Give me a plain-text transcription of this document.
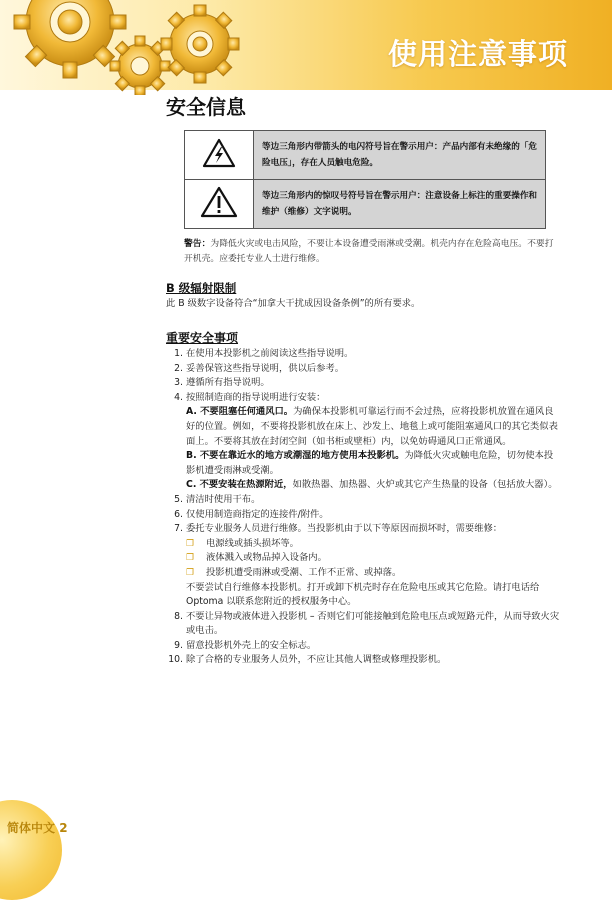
使用注意事项
安全信息
	等边三角形内带箭头的电闪符号旨在警示用户：产品内部有未绝缘的「危险电压」，存在人员触电危险。
	等边三角形内的惊叹号符号旨在警示用户：注意设备上标注的重要操作和维护（维修）文字说明。
警告：为降低火灾或电击风险，不要让本设备遭受雨淋或受潮。机壳内存在危险高电压。不要打开机壳。应委托专业人士进行维修。
B 级辐射限制

此 B 级数字设备符合“加拿大干扰成因设备条例”的所有要求。

重要安全事项
1. 在使用本投影机之前阅读这些指导说明。
2. 妥善保管这些指导说明，供以后参考。
3. 遵循所有指导说明。
4. 按照制造商的指导说明进行安装：
A. 不要阻塞任何通风口。为确保本投影机可靠运行而不会过热，应将投影机放置在通风良好的位置。例如，不要将投影机放在床上、沙发上、地毯上或可能阻塞通风口的其它类似表面上。不要将其放在封闭空间（如书柜或壁柜）内，以免妨碍通风口正常通风。
B. 不要在靠近水的地方或潮湿的地方使用本投影机。为降低火灾或触电危险，切勿使本投影机遭受雨淋或受潮。
C. 不要安装在热源附近，如散热器、加热器、火炉或其它产生热量的设备（包括放大器）。
5. 清洁时使用干布。
6. 仅使用制造商指定的连接件/附件。
7. 委托专业服务人员进行维修。当投影机由于以下等原因而损坏时，需要维修：
❐ 电源线或插头损坏等。
❐ 液体溅入或物品掉入设备内。
❐ 投影机遭受雨淋或受潮、工作不正常、或掉落。
不要尝试自行维修本投影机。打开或卸下机壳时存在危险电压或其它危险。请打电话给 Optoma 以联系您附近的授权服务中心。
8. 不要让异物或液体进入投影机 – 否则它们可能接触到危险电压点或短路元件，从而导致火灾或电击。
9. 留意投影机外壳上的安全标志。
10. 除了合格的专业服务人员外，不应让其他人调整或修理投影机。
简体中文 2
